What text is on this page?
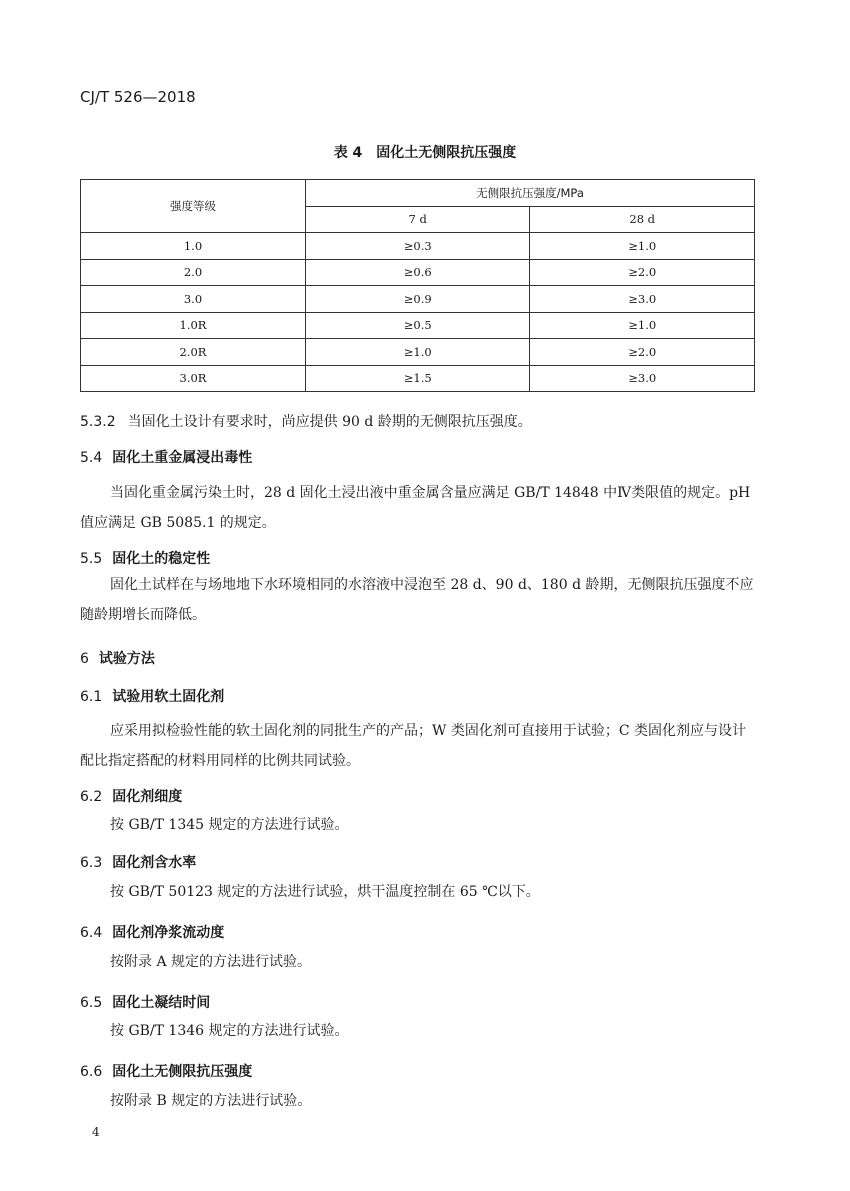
CJ/T 526—2018
表 4　固化土无侧限抗压强度
强度等级	无侧限抗压强度/MPa	
	7 d	28 d
1.0	≥0.3	≥1.0
2.0	≥0.6	≥2.0
3.0	≥0.9	≥3.0
1.0R	≥0.5	≥1.0
2.0R	≥1.0	≥2.0
3.0R	≥1.5	≥3.0
5.3.2 当固化土设计有要求时，尚应提供 90 d 龄期的无侧限抗压强度。
5.4 固化土重金属浸出毒性
当固化重金属污染土时，28 d 固化土浸出液中重金属含量应满足 GB/T 14848 中Ⅳ类限值的规定。pH 值应满足 GB 5085.1 的规定。
5.5 固化土的稳定性
固化土试样在与场地地下水环境相同的水溶液中浸泡至 28 d、90 d、180 d 龄期，无侧限抗压强度不应随龄期增长而降低。
6 试验方法
6.1 试验用软土固化剂
应采用拟检验性能的软土固化剂的同批生产的产品；W 类固化剂可直接用于试验；C 类固化剂应与设计配比指定搭配的材料用同样的比例共同试验。
6.2 固化剂细度
按 GB/T 1345 规定的方法进行试验。
6.3 固化剂含水率
按 GB/T 50123 规定的方法进行试验，烘干温度控制在 65 ℃以下。
6.4 固化剂净浆流动度
按附录 A 规定的方法进行试验。
6.5 固化土凝结时间
按 GB/T 1346 规定的方法进行试验。
6.6 固化土无侧限抗压强度
按附录 B 规定的方法进行试验。
4
